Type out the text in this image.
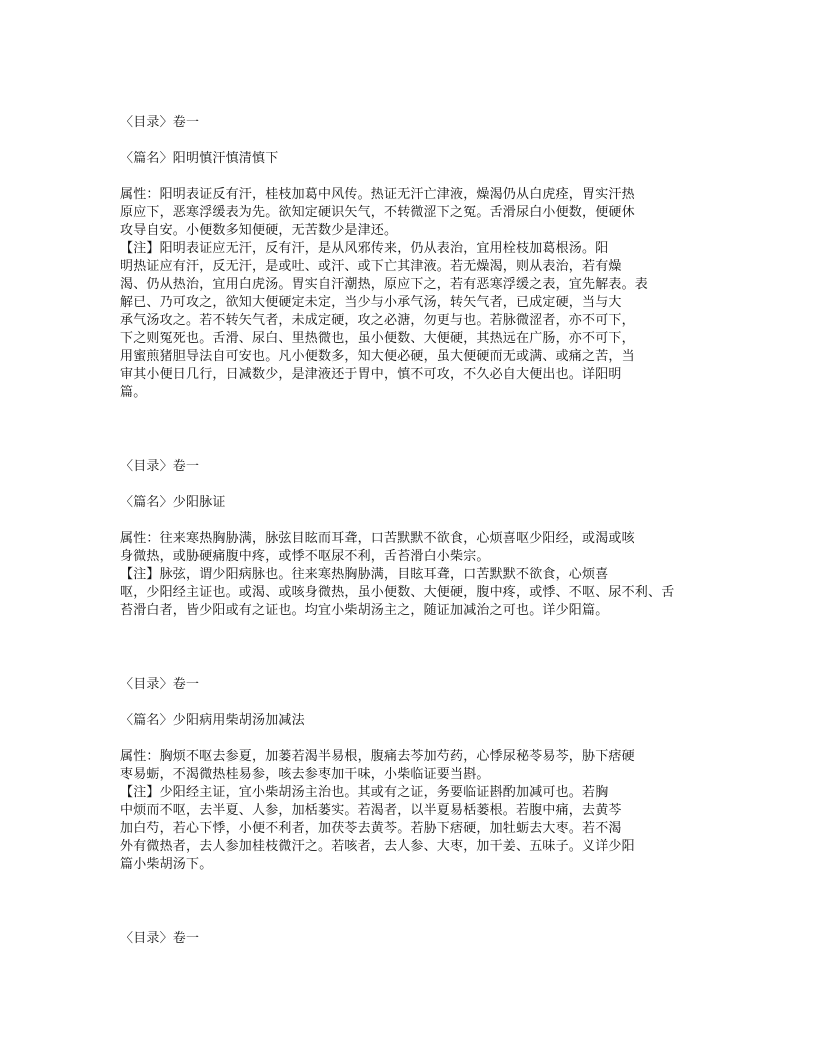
〈目录〉卷一
〈篇名〉阳明慎汗慎清慎下
属性：阳明表证反有汗，桂枝加葛中风传。热证无汗亡津液，燥渴仍从白虎痊，胃实汗热
原应下，恶寒浮缓表为先。欲知定硬识矢气，不转微涩下之冤。舌滑尿白小便数，便硬休
攻导自安。小便数多知便硬，无苦数少是津还。
【注】阳明表证应无汗，反有汗，是从风邪传来，仍从表治，宜用栓枝加葛根汤。阳
明热证应有汗，反无汗，是或吐、或汗、或下亡其津液。若无燥渴，则从表治，若有燥
渴、仍从热治，宜用白虎汤。胃实自汗潮热，原应下之，若有恶寒浮缓之表，宜先解表。表
解已、乃可攻之，欲知大便硬定未定，当少与小承气汤，转矢气者，已成定硬，当与大
承气汤攻之。若不转矢气者，未成定硬，攻之必溏，勿更与也。若脉微涩者，亦不可下，
下之则冤死也。舌滑、尿白、里热微也，虽小便数、大便硬，其热远在广肠，亦不可下，
用蜜煎猪胆导法自可安也。凡小便数多，知大便必硬，虽大便硬而无或满、或痛之苦，当
审其小便日几行，日减数少，是津液还于胃中，慎不可攻，不久必自大便出也。详阳明
篇。
〈目录〉卷一
〈篇名〉少阳脉证
属性：往来寒热胸胁满，脉弦目眩而耳聋，口苦默默不欲食，心烦喜呕少阳经，或渴或咳
身微热，或胁硬痛腹中疼，或悸不呕尿不利，舌苔滑白小柴宗。
【注】脉弦，谓少阳病脉也。往来寒热胸胁满，目眩耳聋，口苦默默不欲食，心烦喜
呕，少阳经主证也。或渴、或咳身微热，虽小便数、大便硬，腹中疼，或悸、不呕、尿不利、舌
苔滑白者，皆少阳或有之证也。均宜小柴胡汤主之，随证加减治之可也。详少阳篇。
〈目录〉卷一
〈篇名〉少阳病用柴胡汤加减法
属性：胸烦不呕去参夏，加蒌若渴半易根，腹痛去芩加芍药，心悸尿秘苓易芩，胁下痞硬
枣易蛎，不渴微热桂易参，咳去参枣加干味，小柴临证要当斟。
【注】少阳经主证，宜小柴胡汤主治也。其或有之证，务要临证斟酌加减可也。若胸
中烦而不呕，去半夏、人参，加栝蒌实。若渴者，以半夏易栝蒌根。若腹中痛，去黄芩
加白芍，若心下悸，小便不利者，加茯苓去黄芩。若胁下痞硬，加牡蛎去大枣。若不渴
外有微热者，去人参加桂枝微汗之。若咳者，去人参、大枣，加干姜、五味子。义详少阳
篇小柴胡汤下。
〈目录〉卷一
